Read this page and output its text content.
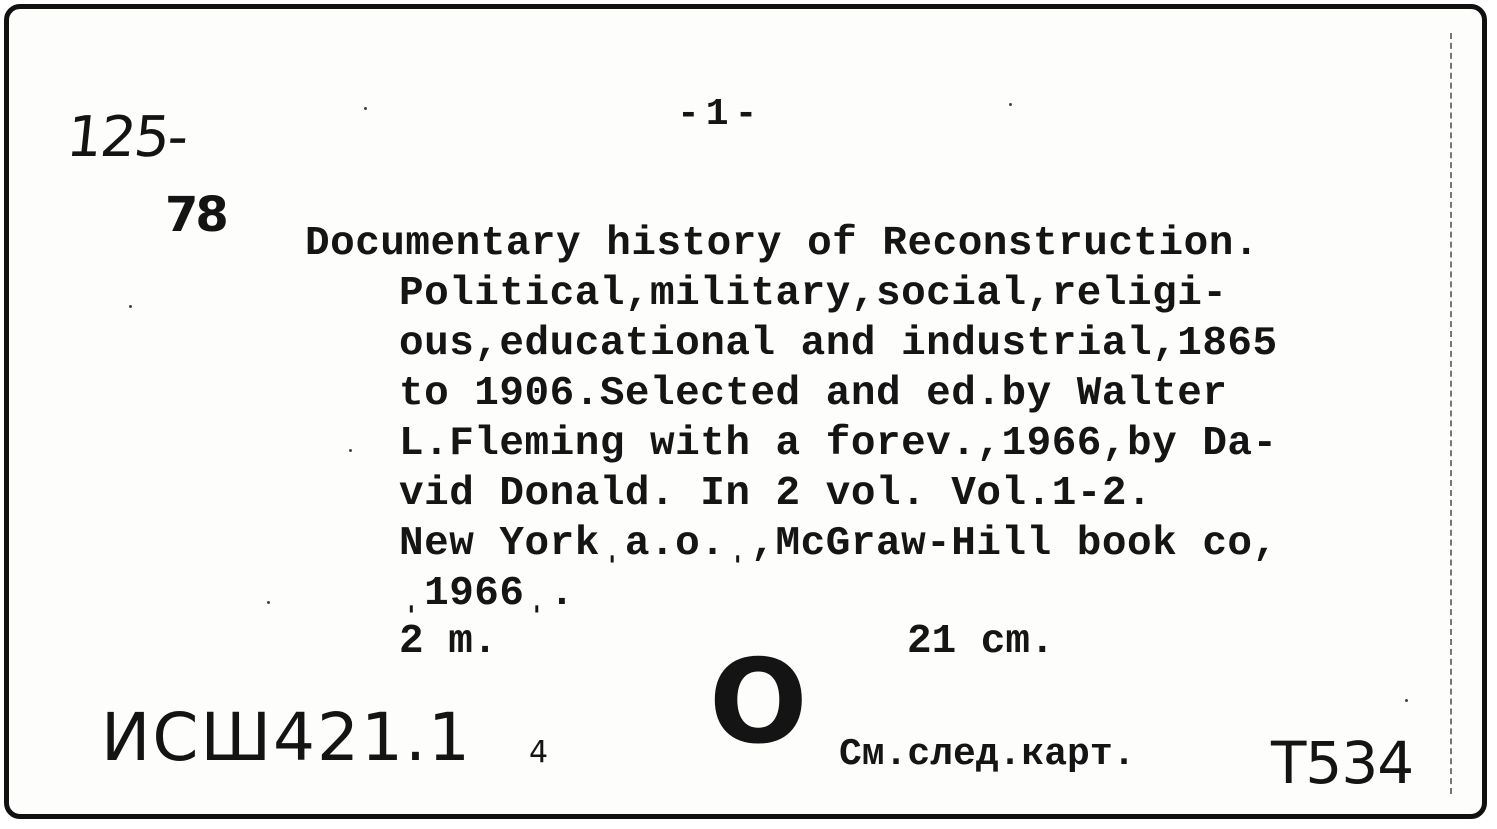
-1-
125-
78
Documentary history of Reconstruction.
Political,military,social,religi-
ous,educational and industrial,1865
to 1906.Selected and ed.by Walter
L.Fleming with a forev.,1966,by Da-
vid Donald. In 2 vol. Vol.1-2.
New Yorkˌа.о.ˌ,McGraw-Hill book co,
ˌ1966ˌ.
2 m.	21 cm.
ИСШ421.1 4 O См.след.карт. Т534
